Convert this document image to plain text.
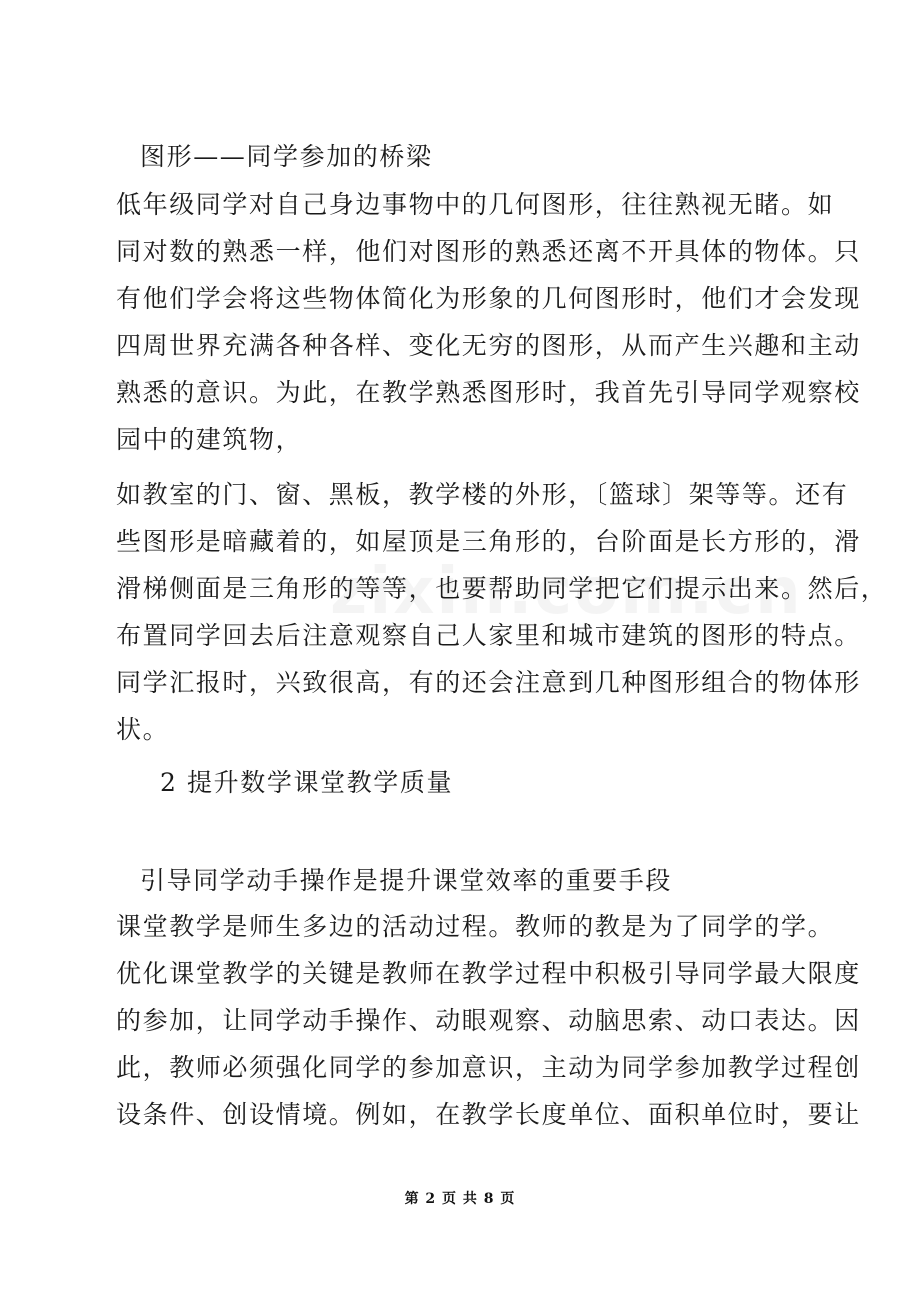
图形——同学参加的桥梁
低年级同学对自己身边事物中的几何图形，往往熟视无睹。如
同对数的熟悉一样，他们对图形的熟悉还离不开具体的物体。只
有他们学会将这些物体简化为形象的几何图形时，他们才会发现
四周世界充满各种各样、变化无穷的图形，从而产生兴趣和主动
熟悉的意识。为此，在教学熟悉图形时，我首先引导同学观察校
园中的建筑物，
如教室的门、窗、黑板，教学楼的外形，〔篮球〕架等等。还有
些图形是暗藏着的，如屋顶是三角形的，台阶面是长方形的，滑
滑梯侧面是三角形的等等，也要帮助同学把它们提示出来。然后，
布置同学回去后注意观察自己人家里和城市建筑的图形的特点。
同学汇报时，兴致很高，有的还会注意到几种图形组合的物体形
状。
2 提升数学课堂教学质量
引导同学动手操作是提升课堂效率的重要手段
课堂教学是师生多边的活动过程。教师的教是为了同学的学。
优化课堂教学的关键是教师在教学过程中积极引导同学最大限度
的参加，让同学动手操作、动眼观察、动脑思索、动口表达。因
此，教师必须强化同学的参加意识，主动为同学参加教学过程创
设条件、创设情境。例如，在教学长度单位、面积单位时，要让
第 2 页 共 8 页
